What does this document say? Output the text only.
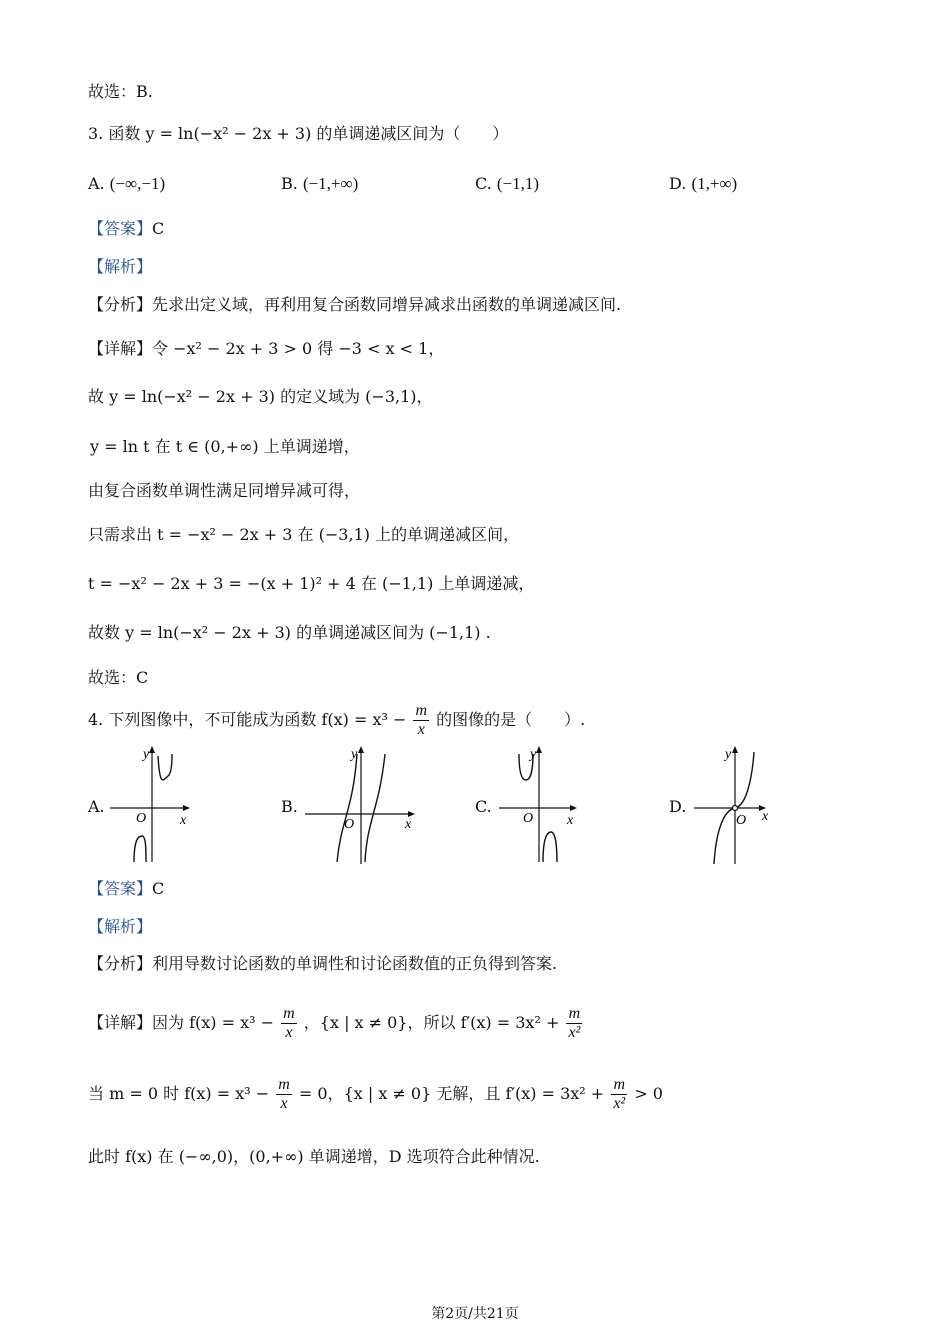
故选：B.
3. 函数 y = ln(−x² − 2x + 3) 的单调递减区间为（　　）
A. (−∞,−1)	B. (−1,+∞)	C. (−1,1)	D. (1,+∞)
【答案】C
【解析】
【分析】先求出定义域，再利用复合函数同增异减求出函数的单调递减区间.
【详解】令 −x² − 2x + 3 > 0 得 −3 < x < 1，
故 y = ln(−x² − 2x + 3) 的定义域为 (−3,1)，
y = ln t 在 t ∈ (0,+∞) 上单调递增，
由复合函数单调性满足同增异减可得，
只需求出 t = −x² − 2x + 3 在 (−3,1) 上的单调递减区间，
t = −x² − 2x + 3 = −(x + 1)² + 4 在 (−1,1) 上单调递减，
故数 y = ln(−x² − 2x + 3) 的单调递减区间为 (−1,1) .
故选：C
4. 下列图像中，不可能成为函数 $f(x) = x^3 - \frac{m}{x}$ 的图像的是（　　）.
A.	B.	C.	D.
y
x
O
y
x
O
y
x
O
y
x
O
【答案】C
【解析】
【分析】利用导数讨论函数的单调性和讨论函数值的正负得到答案.
【详解】因为 $f(x) = x^3 - \frac{m}{x}$ ，{x | x ≠ 0}，所以 $f'(x) = 3x^2 + \frac{m}{\text{x²}}$
当 m = 0 时 $f(x) = x^3 - \frac{m}{x} = 0$，{x | x ≠ 0} 无解，且 $f'(x) = 3x^2 + \frac{m}{\text{x²}} > 0$
此时 f(x) 在 (−∞,0)，(0,+∞) 单调递增，D 选项符合此种情况.
第2页/共21页
